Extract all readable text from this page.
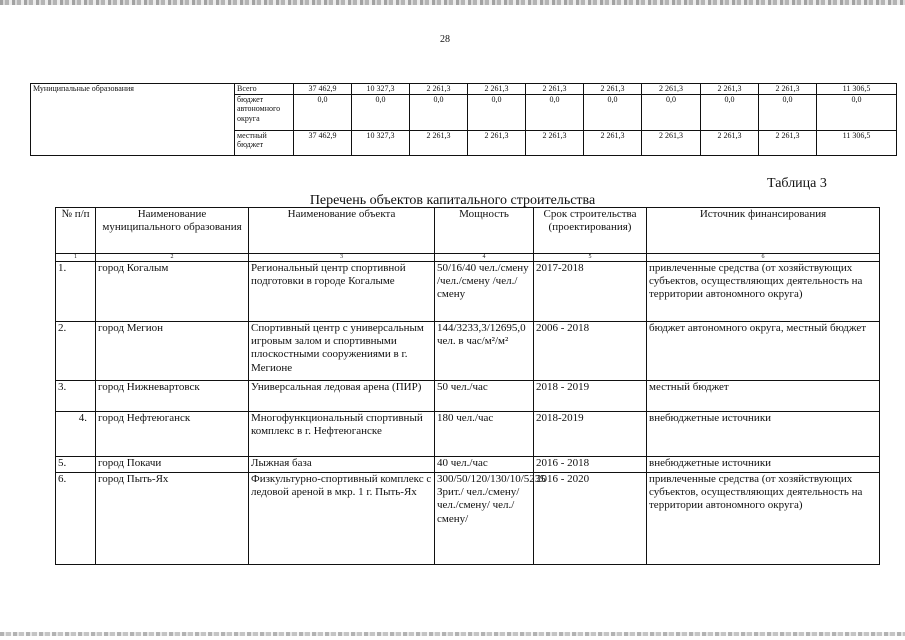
28
Муниципальные образования	Всего	37 462,9	10 327,3	2 261,3	2 261,3	2 261,3	2 261,3	2 261,3	2 261,3	2 261,3	11 306,5
	бюджет автономного округа	0,0	0,0	0,0	0,0	0,0	0,0	0,0	0,0	0,0	0,0
	местный бюджет	37 462,9	10 327,3	2 261,3	2 261,3	2 261,3	2 261,3	2 261,3	2 261,3	2 261,3	11 306,5
Таблица 3
Перечень объектов капитального строительства
№ п/п	Наименование муниципального образования	Наименование объекта	Мощность	Срок строительства (проектирования)	Источник финансирования
1	2	3	4	5	6
1.	город Когалым	Региональный центр спортивной подготовки в городе Когалыме	50/16/40 чел./смену /чел./смену /чел./смену	2017-2018	привлеченные средства (от хозяйствующих субъектов, осуществляющих деятельность на территории автономного округа)
2.	город Мегион	Спортивный центр с универсальным игровым залом и спортивными плоскостными сооружениями в г. Мегионе	144/3233,3/12695,0 чел. в час/м²/м²	2006 - 2018	бюджет автономного округа, местный бюджет
3.	город Нижневартовск	Универсальная ледовая арена (ПИР)	50 чел./час	2018 - 2019	местный бюджет
4.	город Нефтеюганск	Многофункциональный спортивный комплекс в г. Нефтеюганске	180 чел./час	2018-2019	внебюджетные источники
5.	город Покачи	Лыжная база	40 чел./час	2016 - 2018	внебюджетные источники
6.	город Пыть-Ях	Физкультурно-спортивный комплекс с ледовой ареной в мкр. 1 г. Пыть-Ях	300/50/120/130/10/5235 Зрит./ чел./смену/ чел./смену/ чел./смену/	2016 - 2020	привлеченные средства (от хозяйствующих субъектов, осуществляющих деятельность на территории автономного округа)
